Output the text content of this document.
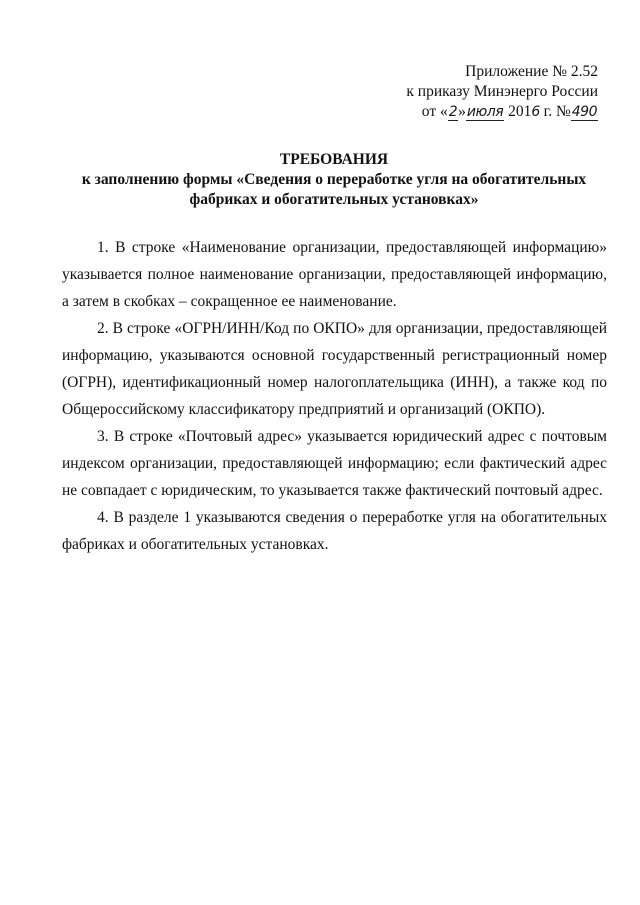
Приложение № 2.52
к приказу Минэнерго России
от «2»июля 2016 г. №490
ТРЕБОВАНИЯ
к заполнению формы «Сведения о переработке угля на обогатительных
фабриках и обогатительных установках»

1. В строке «Наименование организации, предоставляющей информацию» указывается полное наименование организации, предоставляющей информацию, а затем в скобках – сокращенное ее наименование.

2. В строке «ОГРН/ИНН/Код по ОКПО» для организации, предоставляющей информацию, указываются основной государственный регистрационный номер (ОГРН), идентификационный номер налогоплательщика (ИНН), а также код по Общероссийскому классификатору предприятий и организаций (ОКПО).

3. В строке «Почтовый адрес» указывается юридический адрес с почтовым индексом организации, предоставляющей информацию; если фактический адрес не совпадает с юридическим, то указывается также фактический почтовый адрес.

4. В разделе 1 указываются сведения о переработке угля на обогатительных фабриках и обогатительных установках.
